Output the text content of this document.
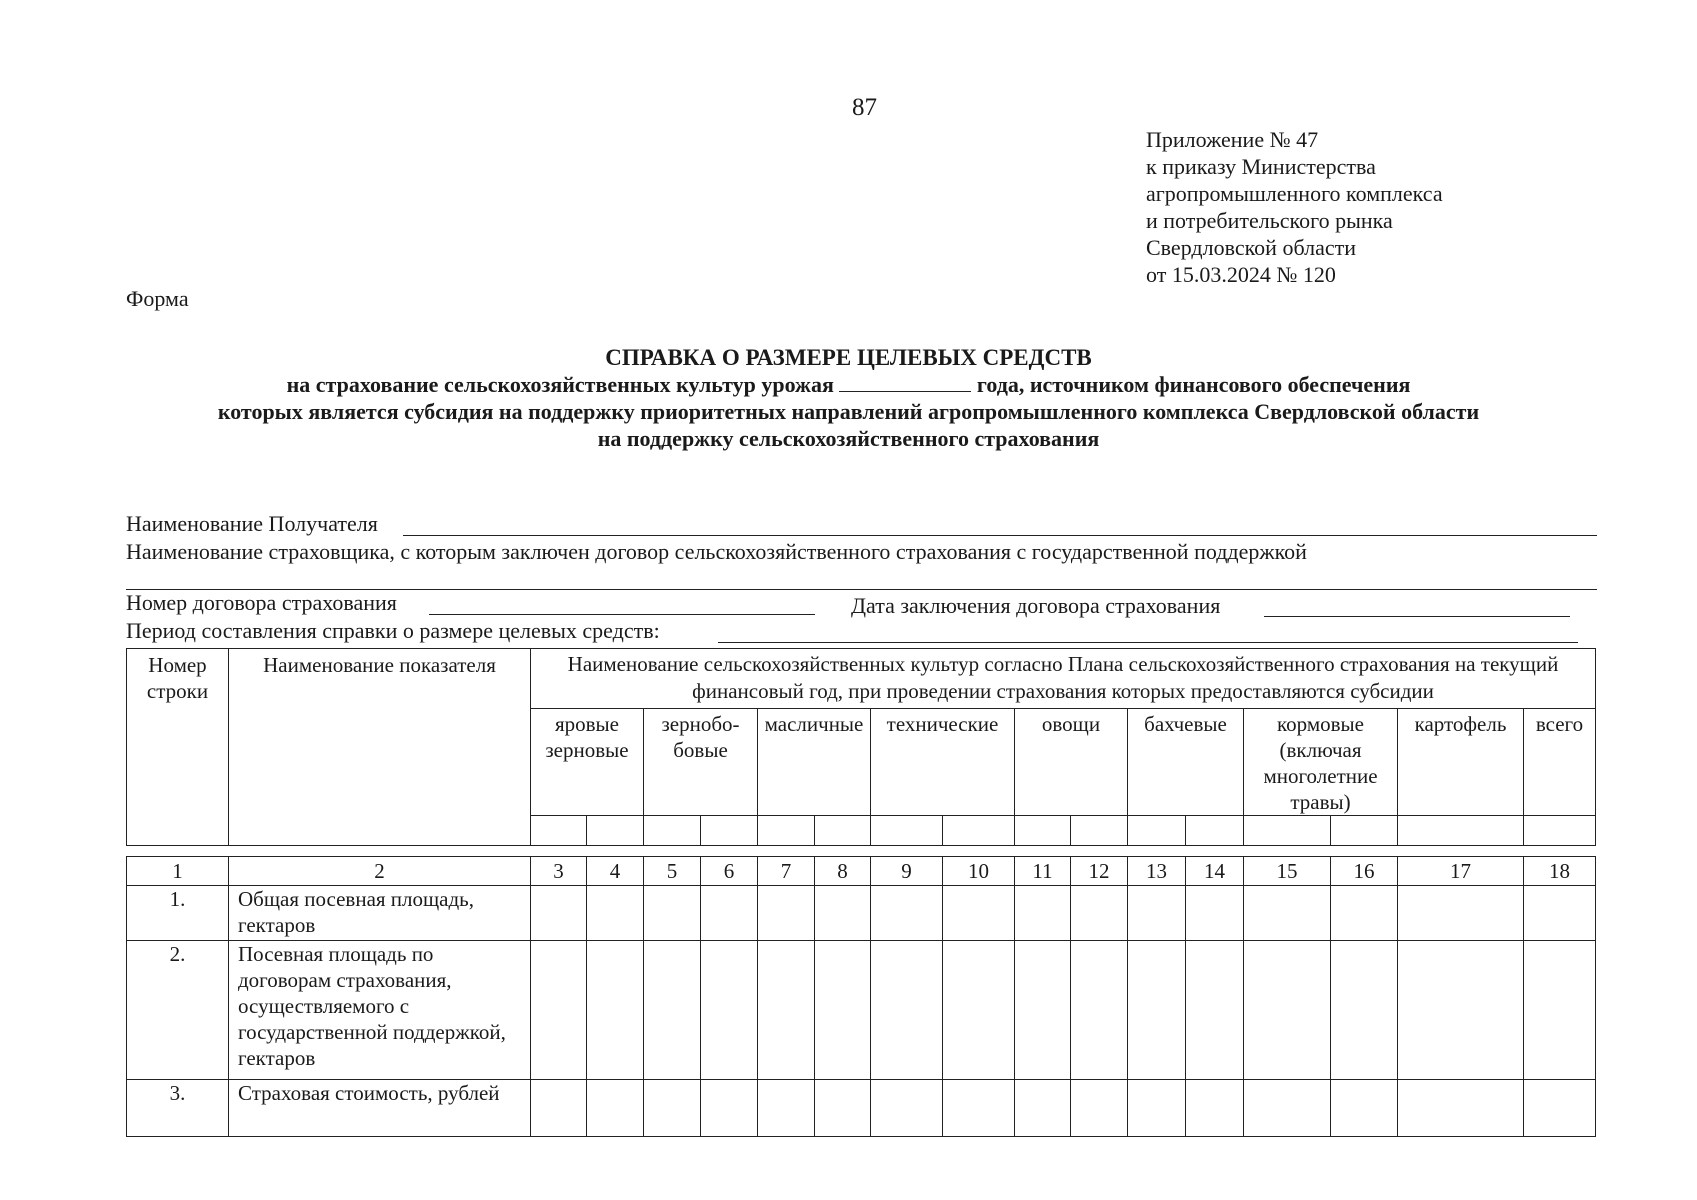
87
Приложение № 47
к приказу Министерства
агропромышленного комплекса
и потребительского рынка
Свердловской области
от 15.03.2024 № 120
Форма
СПРАВКА О РАЗМЕРЕ ЦЕЛЕВЫХ СРЕДСТВ
на страхование сельскохозяйственных культур урожая	года, источником финансового обеспечения
которых является субсидия на поддержку приоритетных направлений агропромышленного комплекса Свердловской области
на поддержку сельскохозяйственного страхования
Наименование Получателя
Наименование страховщика, с которым заключен договор сельскохозяйственного страхования с государственной поддержкой
Номер договора страхования	Дата заключения договора страхования
Период составления справки о размере целевых средств:
Номер строки	Наименование показателя	Наименование сельскохозяйственных культур согласно Плана сельскохозяйственного страхования на текущий финансовый год, при проведении страхования которых предоставляются субсидии															

		яровые зерновые		зернобо-бовые		масличные		технические		овощи		бахчевые		кормовые (включая многолетние травы)		картофель	всего

1	2	3	4	5	6	7	8	9	10	11	12	13	14	15	16	17	18
1.	Общая посевная площадь, гектаров																
2.	Посевная площадь по договорам страхования, осуществляемого с государственной поддержкой, гектаров																
3.	Страховая стоимость, рублей																
